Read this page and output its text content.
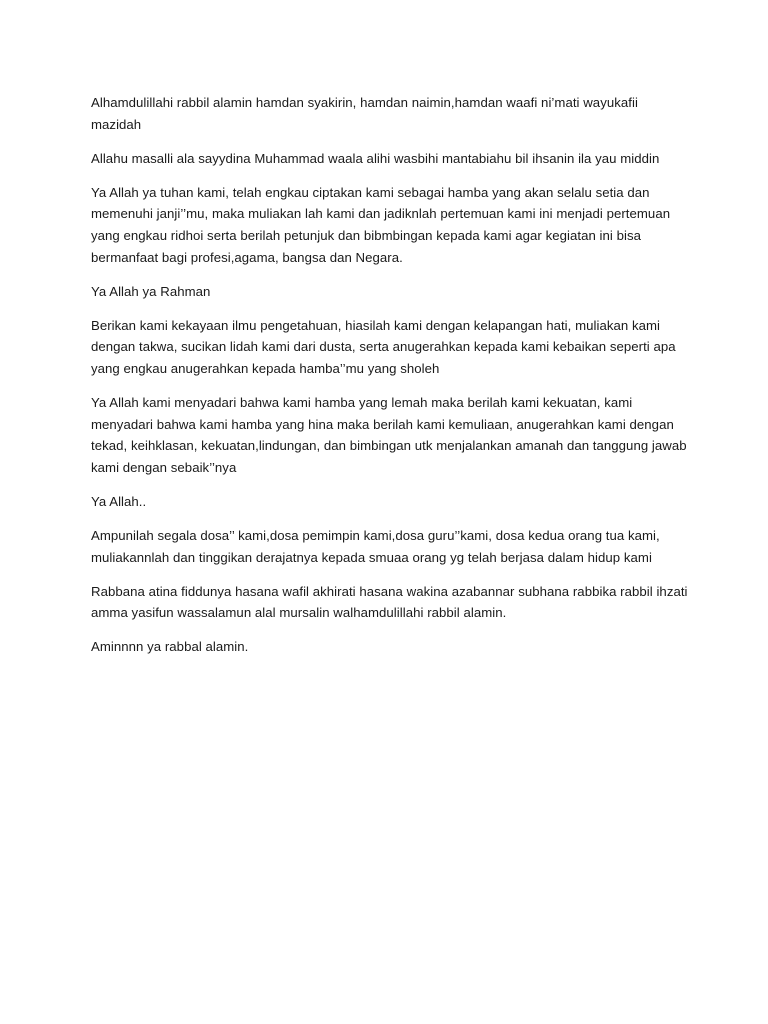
Alhamdulillahi rabbil alamin hamdan syakirin, hamdan naimin,hamdan waafi ni’mati wayukafii mazidah

Allahu masalli ala sayydina Muhammad waala alihi wasbihi mantabiahu bil ihsanin ila yau middin

Ya Allah ya tuhan kami, telah engkau ciptakan kami sebagai hamba yang akan selalu setia dan memenuhi janji’’mu, maka muliakan lah kami dan jadiknlah pertemuan kami ini menjadi pertemuan yang engkau ridhoi serta berilah petunjuk dan bibmbingan kepada kami agar kegiatan ini bisa bermanfaat bagi profesi,agama, bangsa dan Negara.

Ya Allah ya Rahman

Berikan kami kekayaan ilmu pengetahuan, hiasilah kami dengan kelapangan hati, muliakan kami dengan takwa, sucikan lidah kami dari dusta, serta anugerahkan kepada kami kebaikan seperti apa yang engkau anugerahkan kepada hamba’’mu yang sholeh

Ya Allah kami menyadari bahwa kami hamba yang lemah maka berilah kami kekuatan, kami menyadari bahwa kami hamba yang hina maka berilah kami kemuliaan, anugerahkan kami dengan tekad, keihklasan, kekuatan,lindungan, dan bimbingan utk menjalankan amanah dan tanggung jawab kami dengan sebaik’’nya

Ya Allah..

Ampunilah segala dosa’’ kami,dosa pemimpin kami,dosa guru’’kami, dosa kedua orang tua kami, muliakannlah dan tinggikan derajatnya kepada smuaa orang yg telah berjasa dalam hidup kami

Rabbana atina fiddunya hasana wafil akhirati hasana wakina azabannar subhana rabbika rabbil ihzati amma yasifun wassalamun alal mursalin walhamdulillahi rabbil alamin.

Aminnnn ya rabbal alamin.
